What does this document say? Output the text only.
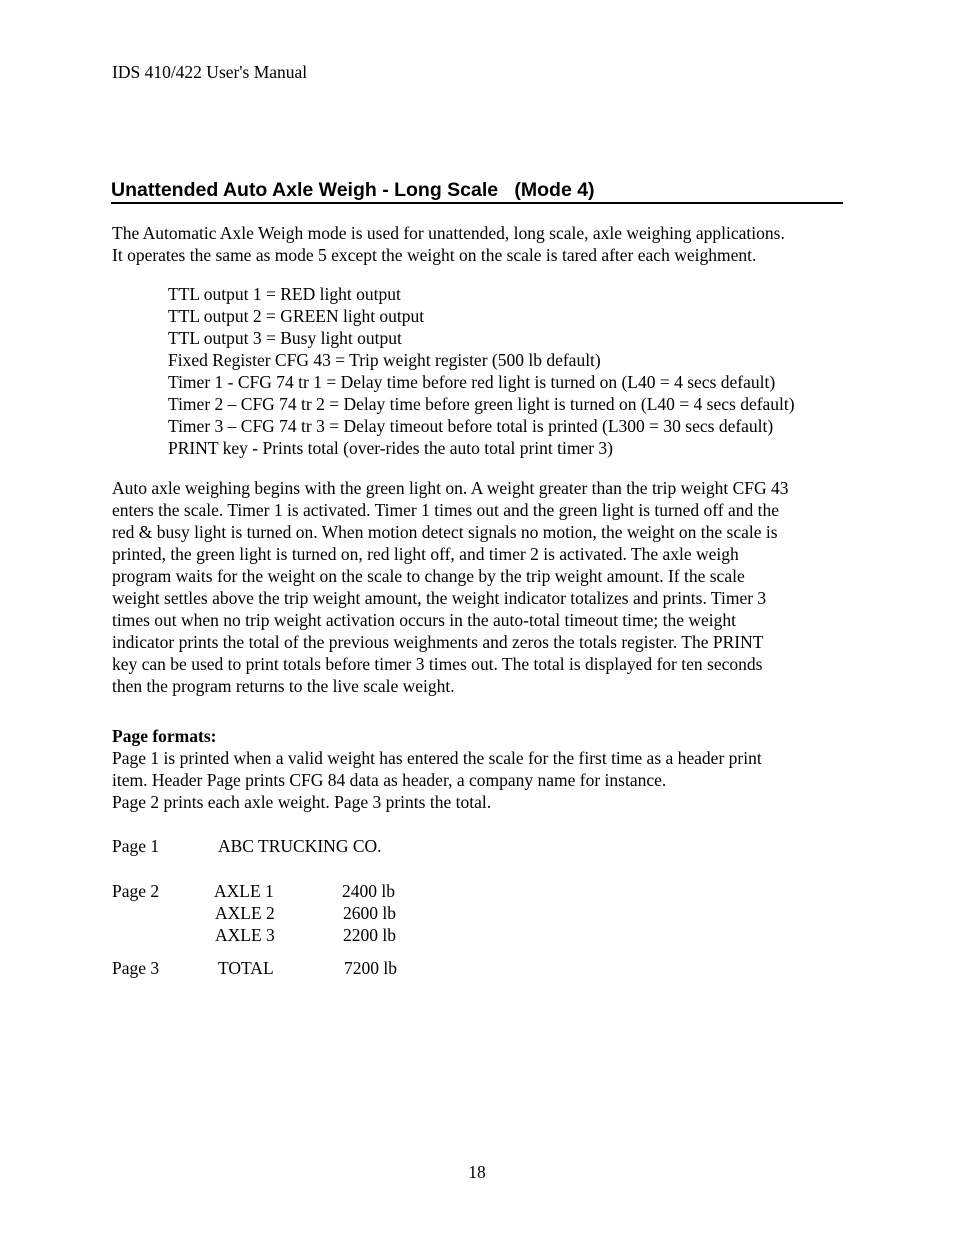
IDS 410/422 User's Manual
Unattended Auto Axle Weigh - Long Scale   (Mode 4)
The Automatic Axle Weigh mode is used for unattended, long scale, axle weighing applications.
It operates the same as mode 5 except the weight on the scale is tared after each weighment.
TTL output 1 = RED light output
TTL output 2 = GREEN light output
TTL output 3 = Busy light output
Fixed Register CFG 43 = Trip weight register (500 lb default)
Timer 1 - CFG 74 tr 1 = Delay time before red light is turned on (L40 = 4 secs default)
Timer 2 – CFG 74 tr 2 = Delay time before green light is turned on (L40 = 4 secs default)
Timer 3 – CFG 74 tr 3 = Delay timeout before total is printed (L300 = 30 secs default)
PRINT key - Prints total (over-rides the auto total print timer 3)
Auto axle weighing begins with the green light on. A weight greater than the trip weight CFG 43
enters the scale. Timer 1 is activated. Timer 1 times out and the green light is turned off and the
red & busy light is turned on. When motion detect signals no motion, the weight on the scale is
printed, the green light is turned on, red light off, and timer 2 is activated. The axle weigh
program waits for the weight on the scale to change by the trip weight amount. If the scale
weight settles above the trip weight amount, the weight indicator totalizes and prints. Timer 3
times out when no trip weight activation occurs in the auto-total timeout time; the weight
indicator prints the total of the previous weighments and zeros the totals register. The PRINT
key can be used to print totals before timer 3 times out. The total is displayed for ten seconds
then the program returns to the live scale weight.
Page formats:
Page 1 is printed when a valid weight has entered the scale for the first time as a header print
item. Header Page prints CFG 84 data as header, a company name for instance.
Page 2 prints each axle weight. Page 3 prints the total.
Page 1	ABC TRUCKING CO.
Page 2	AXLE 1	2400 lb
AXLE 2	2600 lb
AXLE 3	2200 lb
Page 3	TOTAL	7200 lb
18
